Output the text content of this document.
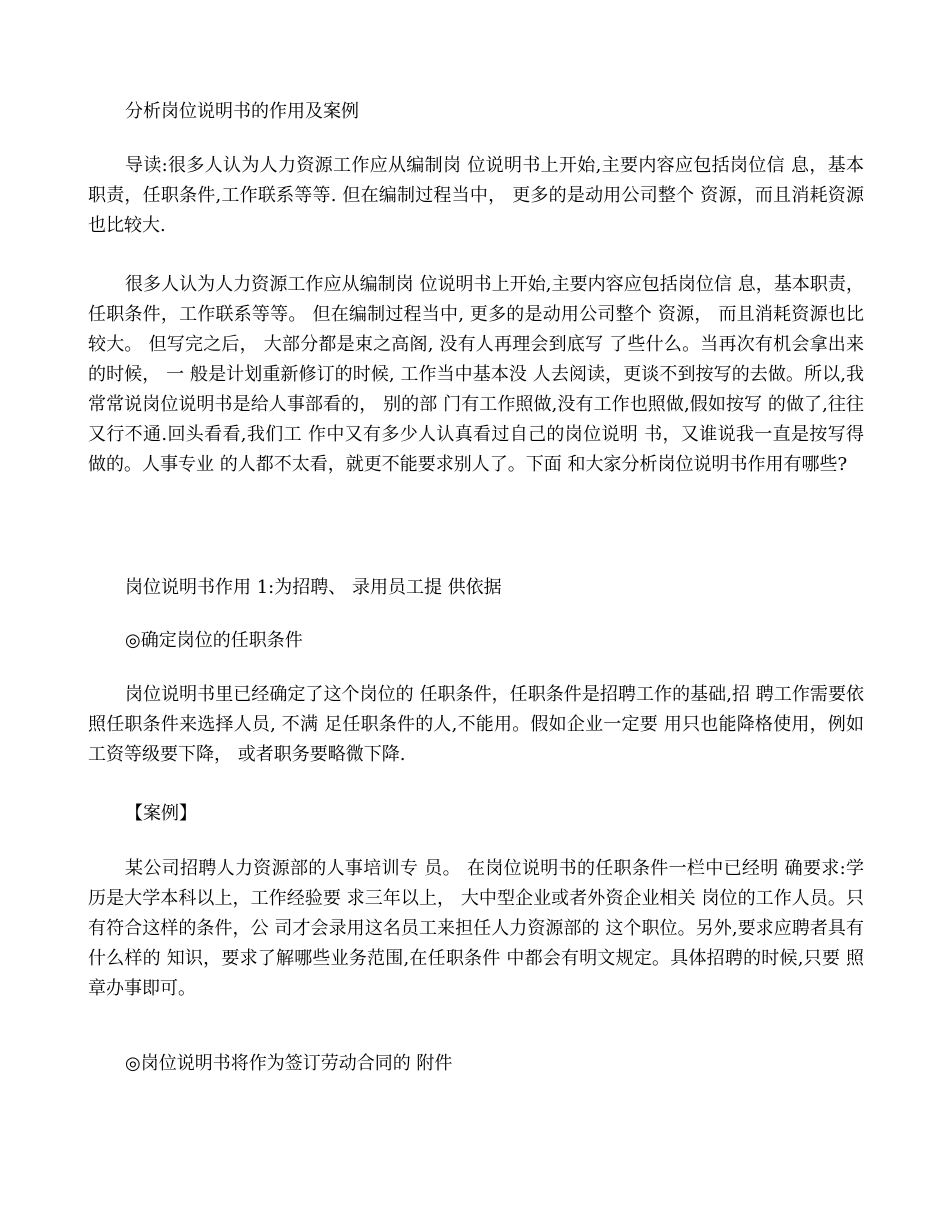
分析岗位说明书的作用及案例

导读:很多人认为人力资源工作应从编制岗 位说明书上开始,主要内容应包括岗位信 息，基本职责，任职条件,工作联系等等. 但在编制过程当中， 更多的是动用公司整个 资源，而且消耗资源也比较大.

很多人认为人力资源工作应从编制岗 位说明书上开始,主要内容应包括岗位信 息，基本职责，任职条件，工作联系等等。 但在编制过程当中, 更多的是动用公司整个 资源， 而且消耗资源也比较大。 但写完之后， 大部分都是束之高阁, 没有人再理会到底写 了些什么。当再次有机会拿出来的时候， 一 般是计划重新修订的时候, 工作当中基本没 人去阅读，更谈不到按写的去做。所以,我 常常说岗位说明书是给人事部看的， 别的部 门有工作照做,没有工作也照做,假如按写 的做了,往往又行不通.回头看看,我们工 作中又有多少人认真看过自己的岗位说明 书，又谁说我一直是按写得做的。人事专业 的人都不太看，就更不能要求别人了。下面 和大家分析岗位说明书作用有哪些?

岗位说明书作用 1:为招聘、 录用员工提 供依据

◎确定岗位的任职条件

岗位说明书里已经确定了这个岗位的 任职条件，任职条件是招聘工作的基础,招 聘工作需要依照任职条件来选择人员, 不满 足任职条件的人,不能用。假如企业一定要 用只也能降格使用，例如工资等级要下降， 或者职务要略微下降.

【案例】

某公司招聘人力资源部的人事培训专 员。 在岗位说明书的任职条件一栏中已经明 确要求:学历是大学本科以上，工作经验要 求三年以上， 大中型企业或者外资企业相关 岗位的工作人员。只有符合这样的条件，公 司才会录用这名员工来担任人力资源部的 这个职位。另外,要求应聘者具有什么样的 知识，要求了解哪些业务范围,在任职条件 中都会有明文规定。具体招聘的时候,只要 照章办事即可。

◎岗位说明书将作为签订劳动合同的 附件
